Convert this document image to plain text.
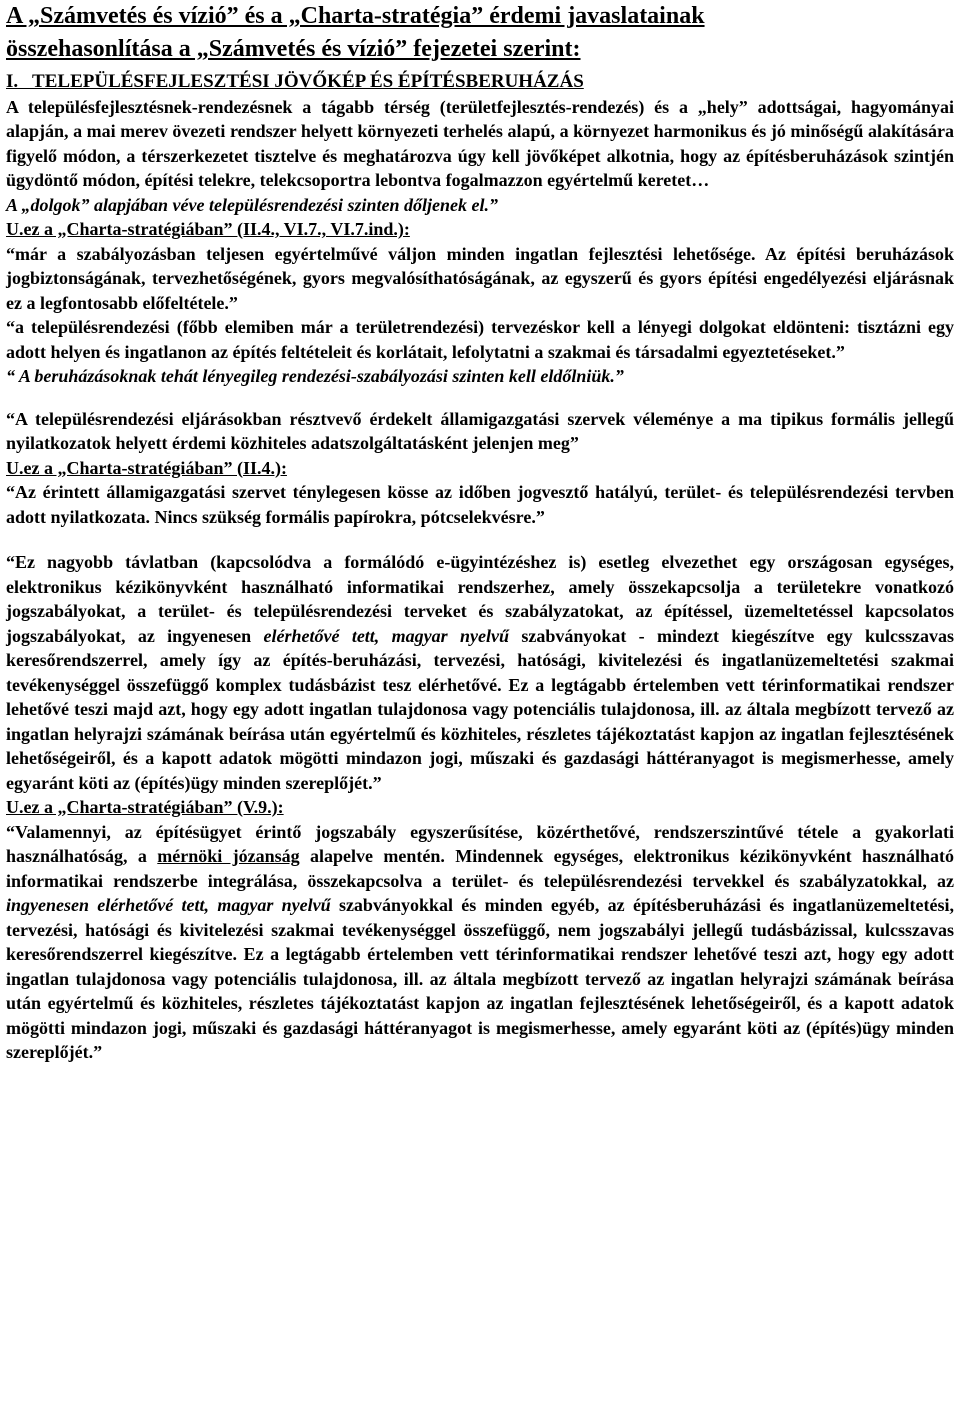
A „Számvetés és vízió” és a „Charta-stratégia” érdemi javaslatainak
összehasonlítása a „Számvetés és vízió” fejezetei szerint:
I.   TELEPÜLÉSFEJLESZTÉSI JÖVŐKÉP ÉS ÉPÍTÉSBERUHÁZÁS

A településfejlesztésnek-rendezésnek a tágabb térség (területfejlesztés-rendezés) és a „hely” adottságai, hagyományai alapján, a mai merev övezeti rendszer helyett környezeti terhelés alapú, a környezet harmonikus és jó minőségű alakítására figyelő módon, a térszerkezetet tisztelve és meghatározva úgy kell jövőképet alkotnia, hogy az építésberuházások szintjén ügydöntő módon, építési telekre, telekcsoportra lebontva fogalmazzon egyértelmű keretet…
A „dolgok” alapjában véve településrendezési szinten dőljenek el.”

U.ez a „Charta-stratégiában” (II.4., VI.7., VI.7.ind.):

“már a szabályozásban teljesen egyértelművé váljon minden ingatlan fejlesztési lehetősége. Az építési beruházások jogbiztonságának, tervezhetőségének, gyors megvalósíthatóságának, az egyszerű és gyors építési engedélyezési eljárásnak ez a legfontosabb előfeltétele.”

“a településrendezési (főbb elemiben már a területrendezési) tervezéskor kell a lényegi dolgokat eldönteni: tisztázni egy adott helyen és ingatlanon az építés feltételeit és korlátait, lefolytatni a szakmai és társadalmi egyeztetéseket.”

“ A beruházásoknak tehát lényegileg rendezési-szabályozási szinten kell eldőlniük.”

“A településrendezési eljárásokban résztvevő érdekelt államigazgatási szervek véleménye a ma tipikus formális jellegű nyilatkozatok helyett érdemi közhiteles adatszolgáltatásként jelenjen meg”

U.ez a „Charta-stratégiában” (II.4.):

“Az érintett államigazgatási szervet ténylegesen kösse az időben jogvesztő hatályú, terület- és településrendezési tervben adott nyilatkozata. Nincs szükség formális papírokra, pótcselekvésre.”

“Ez nagyobb távlatban (kapcsolódva a formálódó e-ügyintézéshez is) esetleg elvezethet egy országosan egységes, elektronikus kézikönyvként használható informatikai rendszerhez, amely összekapcsolja a területekre vonatkozó jogszabályokat, a terület- és településrendezési terveket és szabályzatokat, az építéssel, üzemeltetéssel kapcsolatos jogszabályokat, az ingyenesen elérhetővé tett, magyar nyelvű szabványokat - mindezt kiegészítve egy kulcsszavas keresőrendszerrel, amely így az építés-beruházási, tervezési, hatósági, kivitelezési és ingatlanüzemeltetési szakmai tevékenységgel összefüggő komplex tudásbázist tesz elérhetővé. Ez a legtágabb értelemben vett térinformatikai rendszer lehetővé teszi majd azt, hogy egy adott ingatlan tulajdonosa vagy potenciális tulajdonosa, ill. az általa megbízott tervező az ingatlan helyrajzi számának beírása után egyértelmű és közhiteles, részletes tájékoztatást kapjon az ingatlan fejlesztésének lehetőségeiről, és a kapott adatok mögötti mindazon jogi, műszaki és gazdasági háttéranyagot is megismerhesse, amely egyaránt köti az (építés)ügy minden szereplőjét.”

U.ez a „Charta-stratégiában” (V.9.):

“Valamennyi, az építésügyet érintő jogszabály egyszerűsítése, közérthetővé, rendszerszintűvé tétele a gyakorlati használhatóság, a mérnöki józanság alapelve mentén. Mindennek egységes, elektronikus kézikönyvként használható informatikai rendszerbe integrálása, összekapcsolva a terület- és településrendezési tervekkel és szabályzatokkal, az ingyenesen elérhetővé tett, magyar nyelvű szabványokkal és minden egyéb, az építésberuházási és ingatlanüzemeltetési, tervezési, hatósági és kivitelezési szakmai tevékenységgel összefüggő, nem jogszabályi jellegű tudásbázissal, kulcsszavas keresőrendszerrel kiegészítve. Ez a legtágabb értelemben vett térinformatikai rendszer lehetővé teszi azt, hogy egy adott ingatlan tulajdonosa vagy potenciális tulajdonosa, ill. az általa megbízott tervező az ingatlan helyrajzi számának beírása után egyértelmű és közhiteles, részletes tájékoztatást kapjon az ingatlan fejlesztésének lehetőségeiről, és a kapott adatok mögötti mindazon jogi, műszaki és gazdasági háttéranyagot is megismerhesse, amely egyaránt köti az (építés)ügy minden szereplőjét.”
